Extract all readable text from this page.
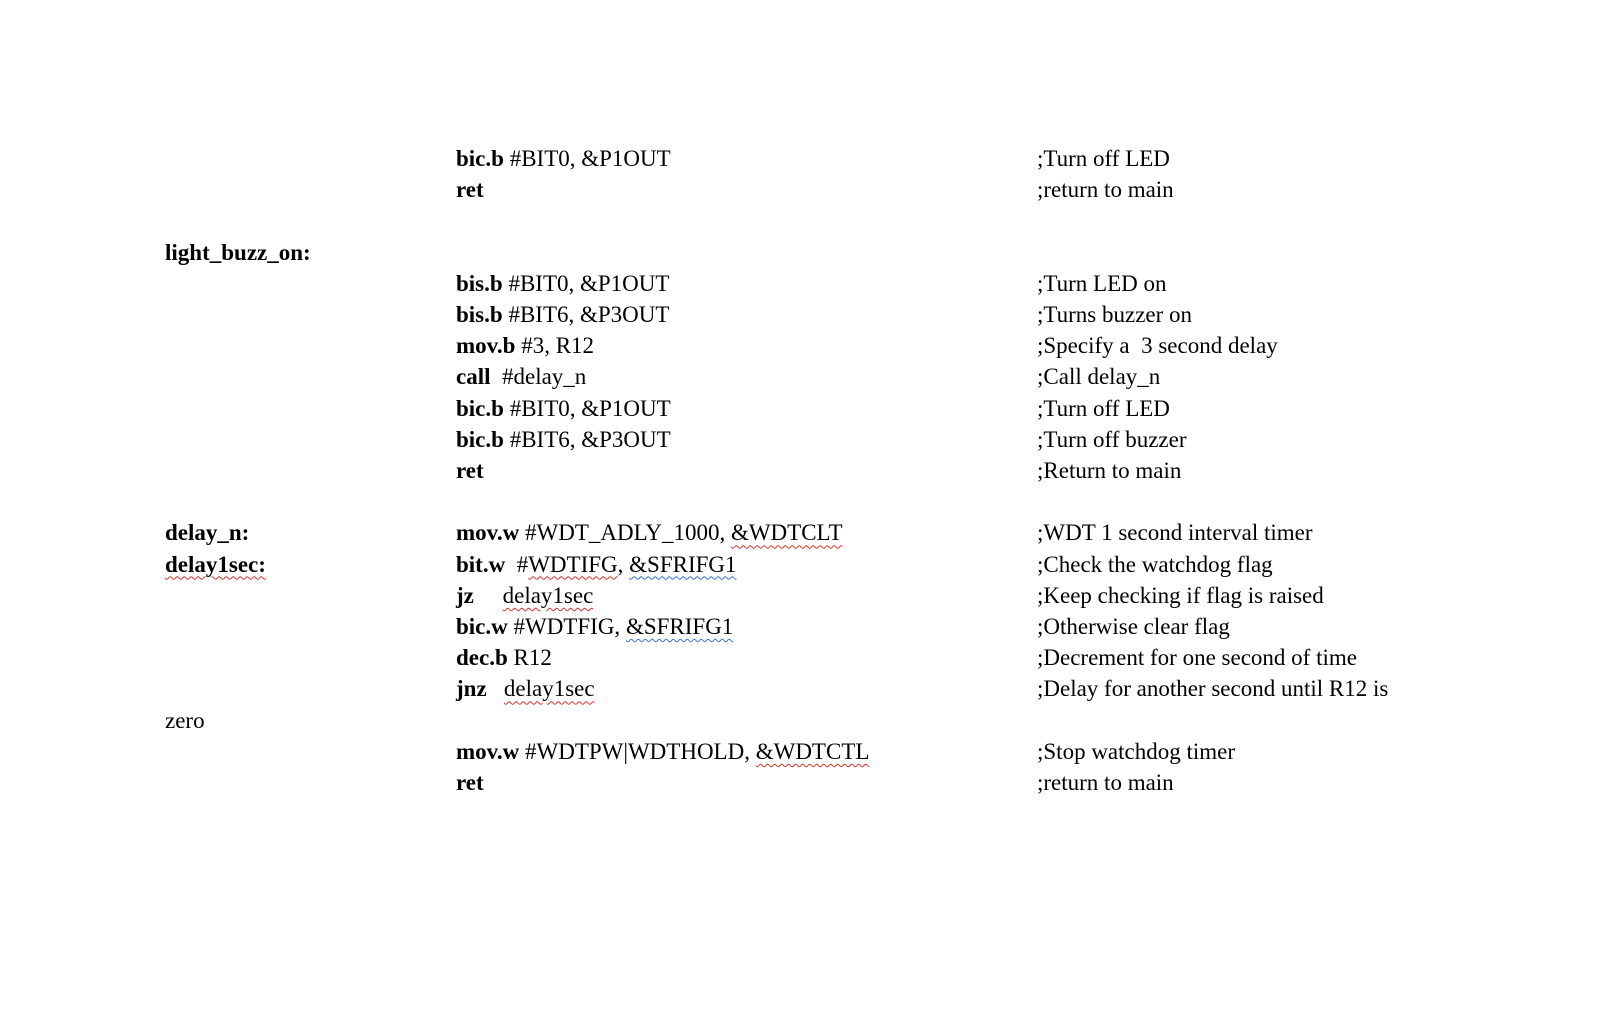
bic.b #BIT0, &P1OUT	;Turn off LED
ret	;return to main
light_buzz_on:
bis.b #BIT0, &P1OUT	;Turn LED on
bis.b #BIT6, &P3OUT	;Turns buzzer on
mov.b #3, R12	;Specify a  3 second delay
call  #delay_n	;Call delay_n
bic.b #BIT0, &P1OUT	;Turn off LED
bic.b #BIT6, &P3OUT	;Turn off buzzer
ret	;Return to main
delay_n:	mov.w #WDT_ADLY_1000, &WDTCLT	;WDT 1 second interval timer
delay1sec:	bit.w  #WDTIFG, &SFRIFG1	;Check the watchdog flag
jz delay1sec	;Keep checking if flag is raised
bic.w #WDTFIG, &SFRIFG1	;Otherwise clear flag
dec.b R12	;Decrement for one second of time
jnz delay1sec	;Delay for another second until R12 is
zero
mov.w #WDTPW|WDTHOLD, &WDTCTL	;Stop watchdog timer
ret	;return to main
